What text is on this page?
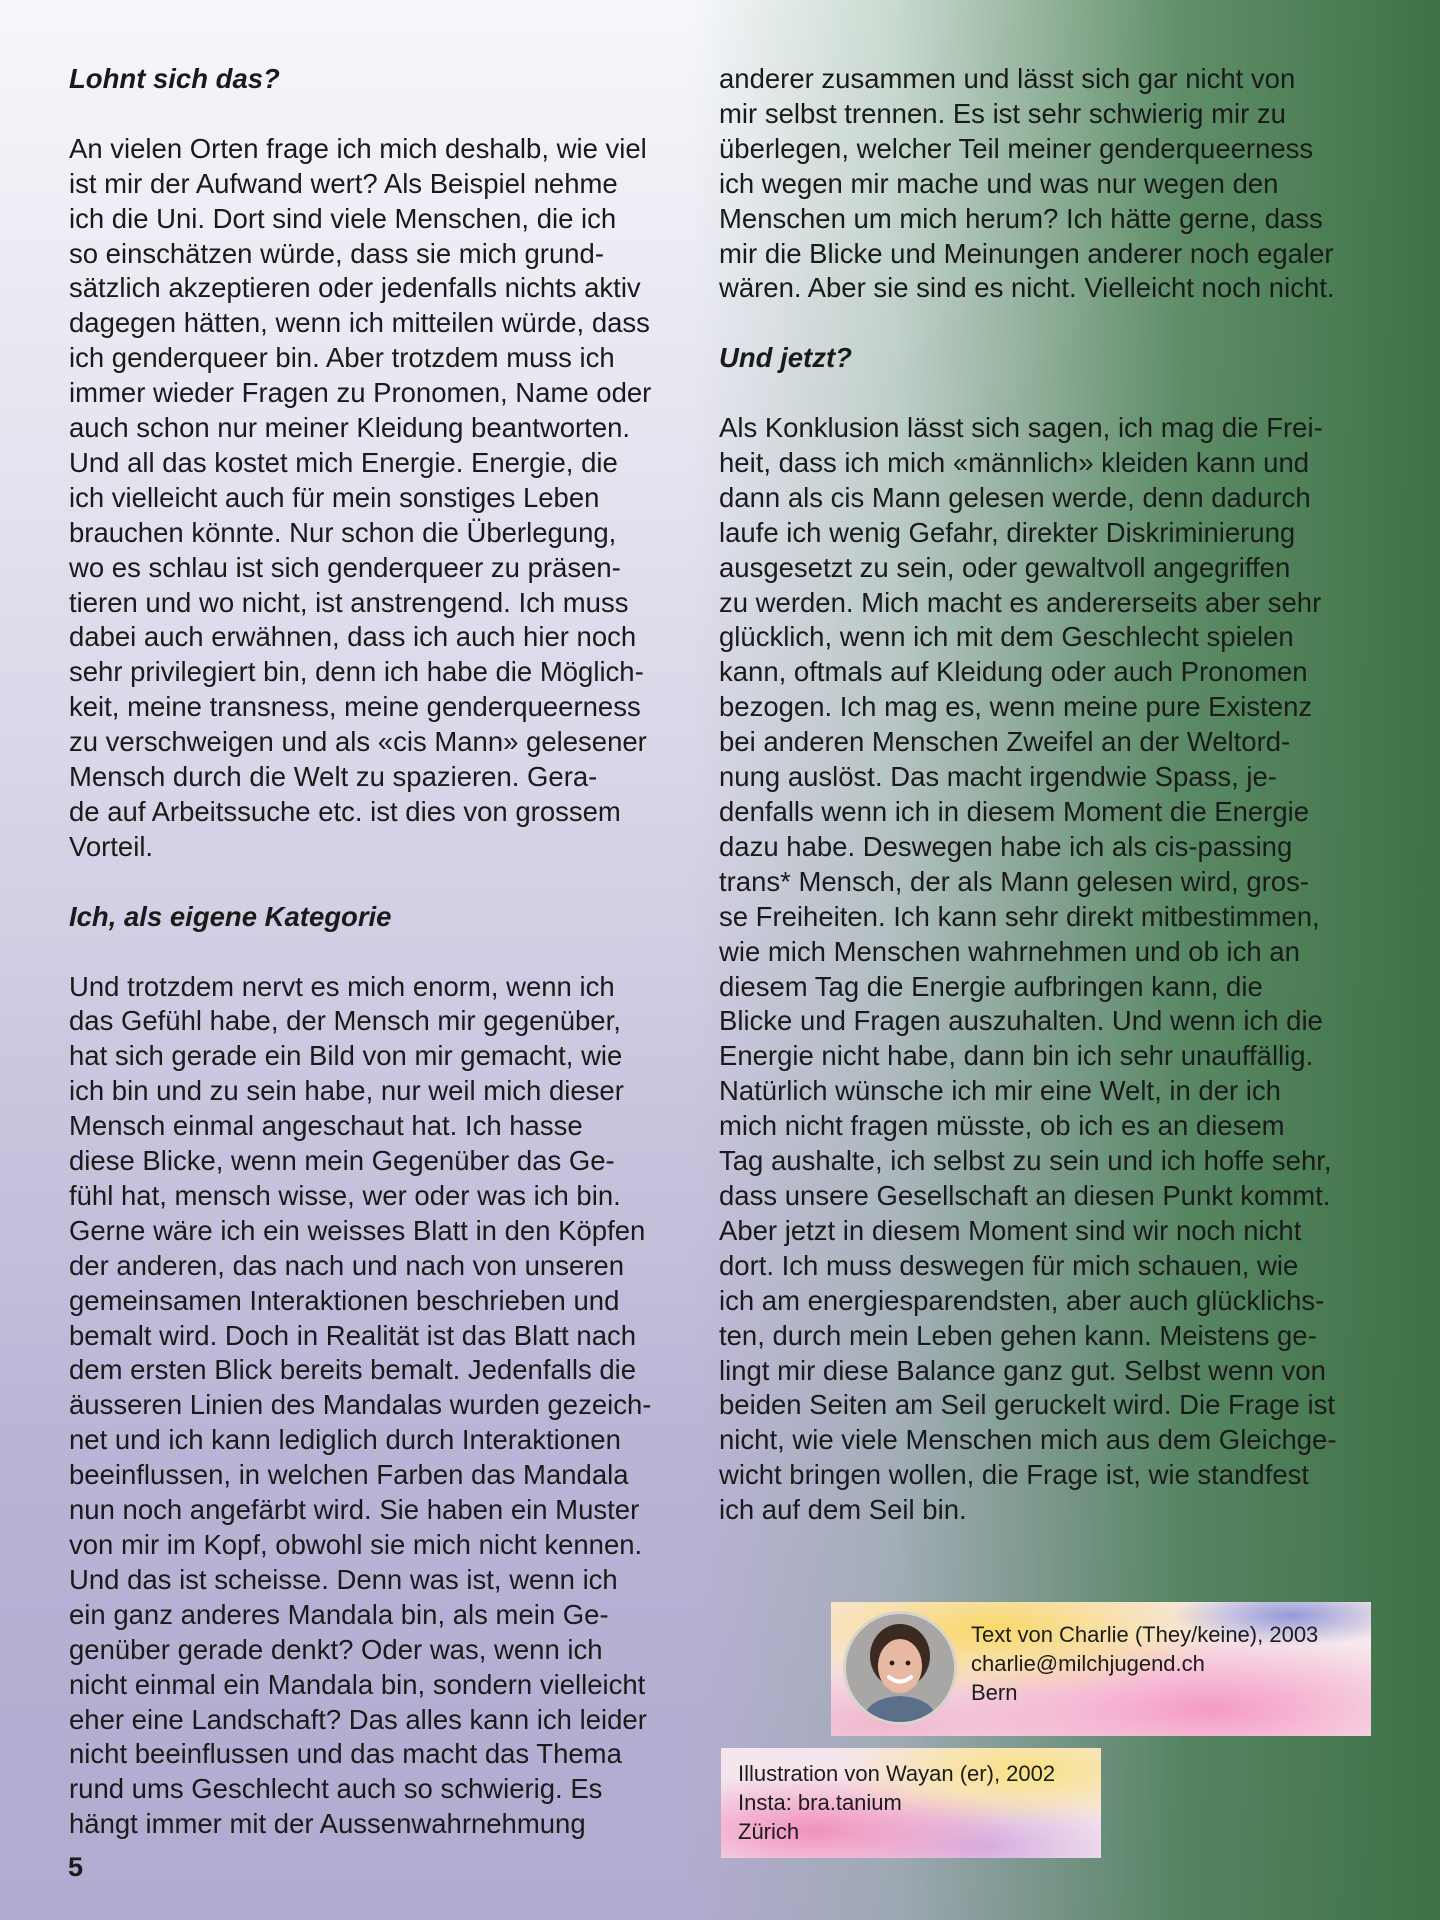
Lohnt sich das?

An vielen Orten frage ich mich deshalb, wie viel
ist mir der Aufwand wert? Als Beispiel nehme
ich die Uni. Dort sind viele Menschen, die ich
so einschätzen würde, dass sie mich grund-
sätzlich akzeptieren oder jedenfalls nichts aktiv
dagegen hätten, wenn ich mitteilen würde, dass
ich genderqueer bin. Aber trotzdem muss ich
immer wieder Fragen zu Pronomen, Name oder
auch schon nur meiner Kleidung beantworten.
Und all das kostet mich Energie. Energie, die
ich vielleicht auch für mein sonstiges Leben
brauchen könnte. Nur schon die Überlegung,
wo es schlau ist sich genderqueer zu präsen-
tieren und wo nicht, ist anstrengend. Ich muss
dabei auch erwähnen, dass ich auch hier noch
sehr privilegiert bin, denn ich habe die Möglich-
keit, meine transness, meine genderqueerness
zu verschweigen und als «cis Mann» gelesener
Mensch durch die Welt zu spazieren. Gera-
de auf Arbeitssuche etc. ist dies von grossem
Vorteil.

Ich, als eigene Kategorie

Und trotzdem nervt es mich enorm, wenn ich
das Gefühl habe, der Mensch mir gegenüber,
hat sich gerade ein Bild von mir gemacht, wie
ich bin und zu sein habe, nur weil mich dieser
Mensch einmal angeschaut hat. Ich hasse
diese Blicke, wenn mein Gegenüber das Ge-
fühl hat, mensch wisse, wer oder was ich bin.
Gerne wäre ich ein weisses Blatt in den Köpfen
der anderen, das nach und nach von unseren
gemeinsamen Interaktionen beschrieben und
bemalt wird. Doch in Realität ist das Blatt nach
dem ersten Blick bereits bemalt. Jedenfalls die
äusseren Linien des Mandalas wurden gezeich-
net und ich kann lediglich durch Interaktionen
beeinflussen, in welchen Farben das Mandala
nun noch angefärbt wird. Sie haben ein Muster
von mir im Kopf, obwohl sie mich nicht kennen.
Und das ist scheisse. Denn was ist, wenn ich
ein ganz anderes Mandala bin, als mein Ge-
genüber gerade denkt? Oder was, wenn ich
nicht einmal ein Mandala bin, sondern vielleicht
eher eine Landschaft? Das alles kann ich leider
nicht beeinflussen und das macht das Thema
rund ums Geschlecht auch so schwierig. Es
hängt immer mit der Aussenwahrnehmung

anderer zusammen und lässt sich gar nicht von
mir selbst trennen. Es ist sehr schwierig mir zu
überlegen, welcher Teil meiner genderqueerness
ich wegen mir mache und was nur wegen den
Menschen um mich herum? Ich hätte gerne, dass
mir die Blicke und Meinungen anderer noch egaler
wären. Aber sie sind es nicht. Vielleicht noch nicht.

Und jetzt?

Als Konklusion lässt sich sagen, ich mag die Frei-
heit, dass ich mich «männlich» kleiden kann und
dann als cis Mann gelesen werde, denn dadurch
laufe ich wenig Gefahr, direkter Diskriminierung
ausgesetzt zu sein, oder gewaltvoll angegriffen
zu werden. Mich macht es andererseits aber sehr
glücklich, wenn ich mit dem Geschlecht spielen
kann, oftmals auf Kleidung oder auch Pronomen
bezogen. Ich mag es, wenn meine pure Existenz
bei anderen Menschen Zweifel an der Weltord-
nung auslöst. Das macht irgendwie Spass, je-
denfalls wenn ich in diesem Moment die Energie
dazu habe. Deswegen habe ich als cis-passing
trans* Mensch, der als Mann gelesen wird, gros-
se Freiheiten. Ich kann sehr direkt mitbestimmen,
wie mich Menschen wahrnehmen und ob ich an
diesem Tag die Energie aufbringen kann, die
Blicke und Fragen auszuhalten. Und wenn ich die
Energie nicht habe, dann bin ich sehr unauffällig.
Natürlich wünsche ich mir eine Welt, in der ich
mich nicht fragen müsste, ob ich es an diesem
Tag aushalte, ich selbst zu sein und ich hoffe sehr,
dass unsere Gesellschaft an diesen Punkt kommt.
Aber jetzt in diesem Moment sind wir noch nicht
dort. Ich muss deswegen für mich schauen, wie
ich am energiesparendsten, aber auch glücklichs-
ten, durch mein Leben gehen kann. Meistens ge-
lingt mir diese Balance ganz gut. Selbst wenn von
beiden Seiten am Seil geruckelt wird. Die Frage ist
nicht, wie viele Menschen mich aus dem Gleichge-
wicht bringen wollen, die Frage ist, wie standfest
ich auf dem Seil bin.

Text von Charlie (They/keine), 2003
charlie@milchjugend.ch
Bern
Illustration von Wayan (er), 2002
Insta: bra.tanium
Zürich
5
